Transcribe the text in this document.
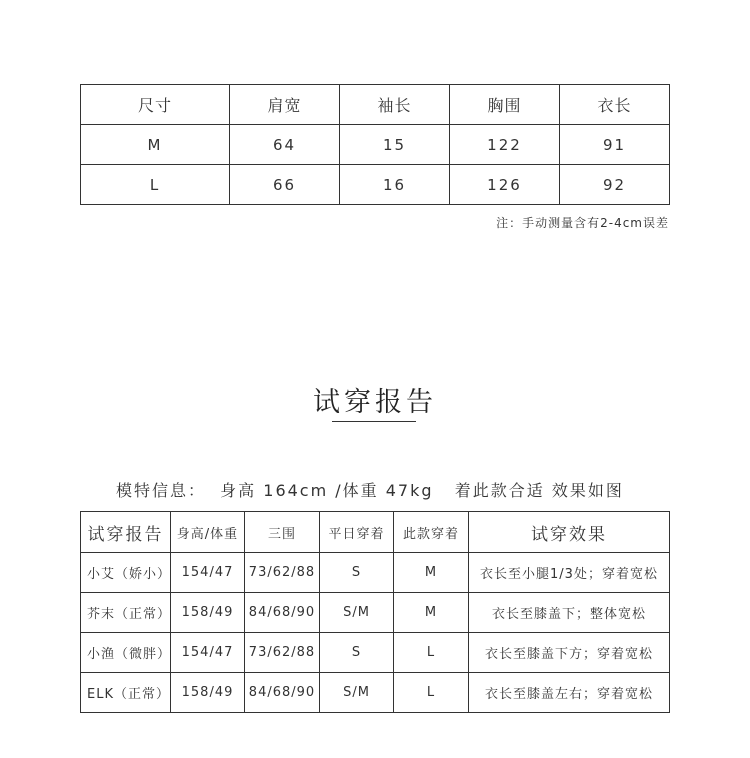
尺寸	肩宽	袖长	胸围	衣长
M	64	15	122	91
L	66	16	126	92
注：手动测量含有2-4cm误差
试穿报告
模特信息：  身高 164cm /体重 47kg   着此款合适 效果如图
试穿报告	身高/体重	三围	平日穿着	此款穿着	试穿效果
小艾（娇小）	154/47	73/62/88	S	M	衣长至小腿1/3处；穿着宽松
芥末（正常）	158/49	84/68/90	S/M	M	衣长至膝盖下；整体宽松
小渔（微胖）	154/47	73/62/88	S	L	衣长至膝盖下方；穿着宽松
ELK（正常）	158/49	84/68/90	S/M	L	衣长至膝盖左右；穿着宽松
